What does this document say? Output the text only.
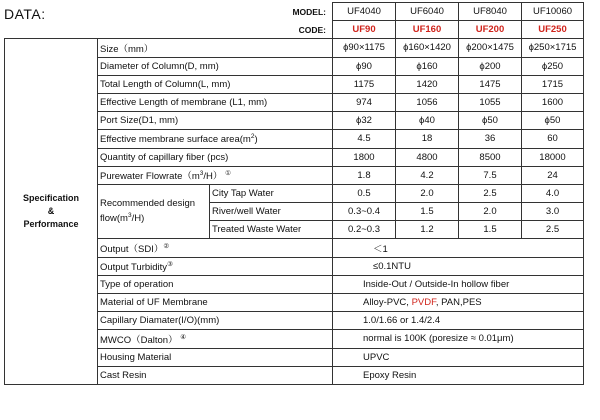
DATA:
		MODEL:	UF4040	UF6040	UF8040	UF10060
		CODE:	UF90	UF160	UF200	UF250
Specification
&
Performance	Size（mm）		ϕ90×1175	ϕ160×1420	ϕ200×1475	ϕ250×1715
	Diameter of Column(D, mm)		ϕ90	ϕ160	ϕ200	ϕ250
	Total Length of Column(L, mm)		1175	1420	1475	1715
	Effective Length of membrane (L1, mm)		974	1056	1055	1600
	Port Size(D1, mm)		ϕ32	ϕ40	ϕ50	ϕ50
	Effective membrane surface $area(m^2)$		4.5	18	36	60
	Quantity of capillary fiber (pcs)		1800	4800	8500	18000
	Purewater $Flowrate(m^3/H)$ ①		1.8	4.2	7.5	24
	Recommended design $flow(m^3/H)$	City Tap Water	0.5	2.0	2.5	4.0
		River/well Water	0.3~0.4	1.5	2.0	3.0
		Treated Waste Water	0.2~0.3	1.2	1.5	2.5
	Output（SDI）②		＜1			
	Output Turbidity③		≤0.1NTU			
	Type of operation		Inside-Out / Outside-In hollow fiber			
	Material of UF Membrane		Alloy-PVC, PVDF, PAN,PES			
	Capillary Diamater(I/O)(mm)		1.0/1.66 or 1.4/2.4			
	MWCO（Dalton） ④		normal is 100K (poresize ≈ 0.01μm)			
	Housing Material		UPVC			
	Cast Resin		Epoxy Resin			
